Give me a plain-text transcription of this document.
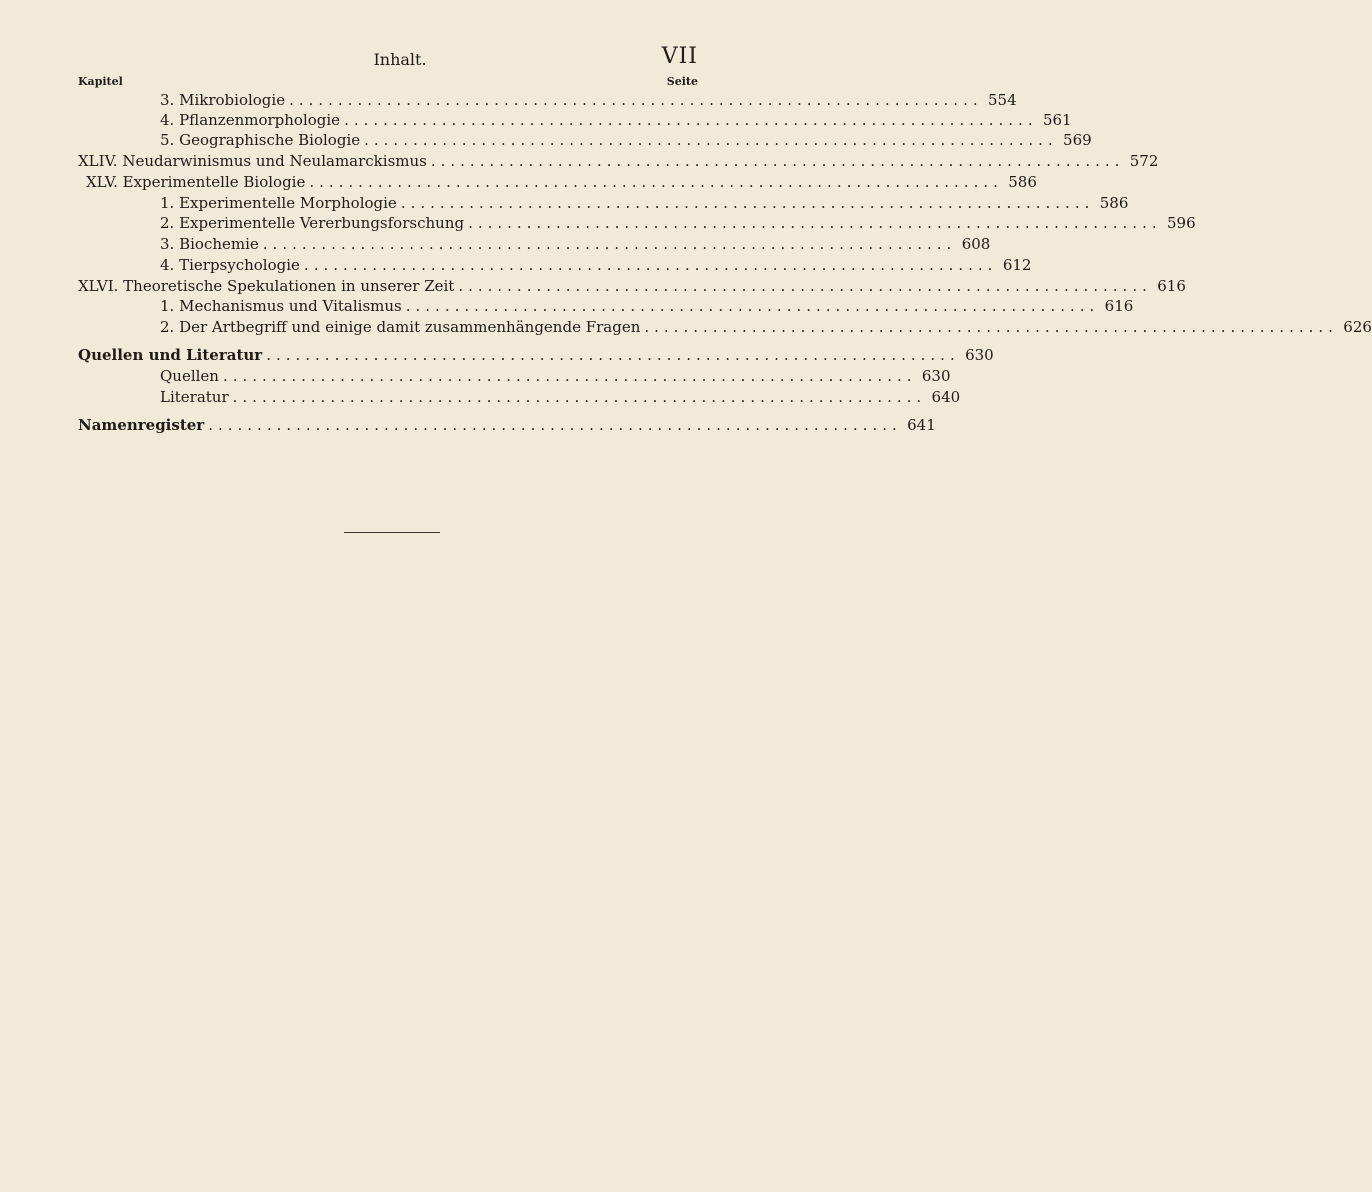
Inhalt.	VII
Kapitel	Seite
3. Mikrobiologie ....................................................................... 554
4. Pflanzenmorphologie ....................................................................... 561
5. Geographische Biologie ....................................................................... 569
XLIV. Neudarwinismus und Neulamarckismus ....................................................................... 572
XLV. Experimentelle Biologie ....................................................................... 586
1. Experimentelle Morphologie ....................................................................... 586
2. Experimentelle Vererbungsforschung ....................................................................... 596
3. Biochemie ....................................................................... 608
4. Tierpsychologie ....................................................................... 612
XLVI. Theoretische Spekulationen in unserer Zeit ....................................................................... 616
1. Mechanismus und Vitalismus ....................................................................... 616
2. Der Artbegriff und einige damit zusammenhängende Fragen ....................................................................... 626
Quellen und Literatur ....................................................................... 630
Quellen ....................................................................... 630
Literatur ....................................................................... 640
Namenregister ....................................................................... 641
